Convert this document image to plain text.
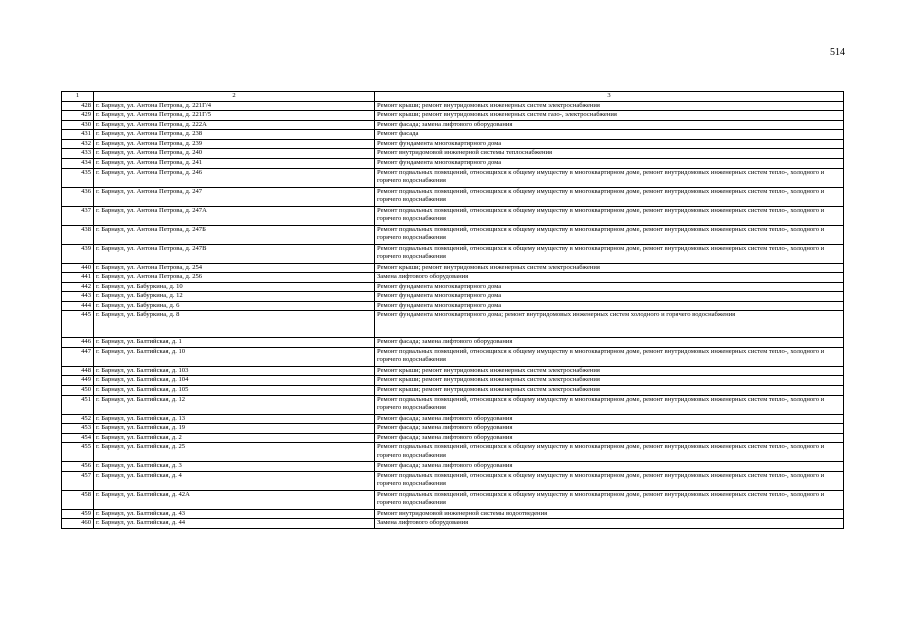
514
1	2	3
428	г. Барнаул, ул. Антона Петрова, д. 221Г/4	Ремонт крыши; ремонт внутридомовых инженерных систем электроснабжения
429	г. Барнаул, ул. Антона Петрова, д. 221Г/5	Ремонт крыши; ремонт внутридомовых инженерных систем газо-, электроснабжения
430	г. Барнаул, ул. Антона Петрова, д. 222А	Ремонт фасада; замена лифтового оборудования
431	г. Барнаул, ул. Антона Петрова, д. 238	Ремонт фасада
432	г. Барнаул, ул. Антона Петрова, д. 239	Ремонт фундамента многоквартирного дома
433	г. Барнаул, ул. Антона Петрова, д. 240	Ремонт внутридомовой инженерной системы теплоснабжения
434	г. Барнаул, ул. Антона Петрова, д. 241	Ремонт фундамента многоквартирного дома
435	г. Барнаул, ул. Антона Петрова, д. 246	Ремонт подвальных помещений, относящихся к общему имуществу в многоквартирном доме, ремонт внутридомовых инженерных систем тепло-, холодного и горячего водоснабжения
436	г. Барнаул, ул. Антона Петрова, д. 247	Ремонт подвальных помещений, относящихся к общему имуществу в многоквартирном доме, ремонт внутридомовых инженерных систем тепло-, холодного и горячего водоснабжения
437	г. Барнаул, ул. Антона Петрова, д. 247А	Ремонт подвальных помещений, относящихся к общему имуществу в многоквартирном доме, ремонт внутридомовых инженерных систем тепло-, холодного и горячего водоснабжения
438	г. Барнаул, ул. Антона Петрова, д. 247Б	Ремонт подвальных помещений, относящихся к общему имуществу в многоквартирном доме, ремонт внутридомовых инженерных систем тепло-, холодного и горячего водоснабжения
439	г. Барнаул, ул. Антона Петрова, д. 247В	Ремонт подвальных помещений, относящихся к общему имуществу в многоквартирном доме, ремонт внутридомовых инженерных систем тепло-, холодного и горячего водоснабжения
440	г. Барнаул, ул. Антона Петрова, д. 254	Ремонт крыши; ремонт внутридомовых инженерных систем электроснабжения
441	г. Барнаул, ул. Антона Петрова, д. 256	Замена лифтового оборудования
442	г. Барнаул, ул. Бабуркина, д. 10	Ремонт фундамента многоквартирного дома
443	г. Барнаул, ул. Бабуркина, д. 12	Ремонт фундамента многоквартирного дома
444	г. Барнаул, ул. Бабуркина, д. 6	Ремонт фундамента многоквартирного дома
445	г. Барнаул, ул. Бабуркина, д. 8	Ремонт фундамента многоквартирного дома; ремонт внутридомовых инженерных систем холодного и горячего водоснабжения
446	г. Барнаул, ул. Балтийская, д. 1	Ремонт фасада; замена лифтового оборудования
447	г. Барнаул, ул. Балтийская, д. 10	Ремонт подвальных помещений, относящихся к общему имуществу в многоквартирном доме, ремонт внутридомовых инженерных систем тепло-, холодного и горячего водоснабжения
448	г. Барнаул, ул. Балтийская, д. 103	Ремонт крыши; ремонт внутридомовых инженерных систем электроснабжения
449	г. Барнаул, ул. Балтийская, д. 104	Ремонт крыши; ремонт внутридомовых инженерных систем электроснабжения
450	г. Барнаул, ул. Балтийская, д. 105	Ремонт крыши; ремонт внутридомовых инженерных систем электроснабжения
451	г. Барнаул, ул. Балтийская, д. 12	Ремонт подвальных помещений, относящихся к общему имуществу в многоквартирном доме, ремонт внутридомовых инженерных систем тепло-, холодного и горячего водоснабжения
452	г. Барнаул, ул. Балтийская, д. 13	Ремонт фасада; замена лифтового оборудования
453	г. Барнаул, ул. Балтийская, д. 19	Ремонт фасада; замена лифтового оборудования
454	г. Барнаул, ул. Балтийская, д. 2	Ремонт фасада; замена лифтового оборудования
455	г. Барнаул, ул. Балтийская, д. 25	Ремонт подвальных помещений, относящихся к общему имуществу в многоквартирном доме, ремонт внутридомовых инженерных систем тепло-, холодного и горячего водоснабжения
456	г. Барнаул, ул. Балтийская, д. 3	Ремонт фасада; замена лифтового оборудования
457	г. Барнаул, ул. Балтийская, д. 4	Ремонт подвальных помещений, относящихся к общему имуществу в многоквартирном доме, ремонт внутридомовых инженерных систем тепло-, холодного и горячего водоснабжения
458	г. Барнаул, ул. Балтийская, д. 42А	Ремонт подвальных помещений, относящихся к общему имуществу в многоквартирном доме, ремонт внутридомовых инженерных систем тепло-, холодного и горячего водоснабжения
459	г. Барнаул, ул. Балтийская, д. 43	Ремонт внутридомовой инженерной системы водоотведения
460	г. Барнаул, ул. Балтийская, д. 44	Замена лифтового оборудования
